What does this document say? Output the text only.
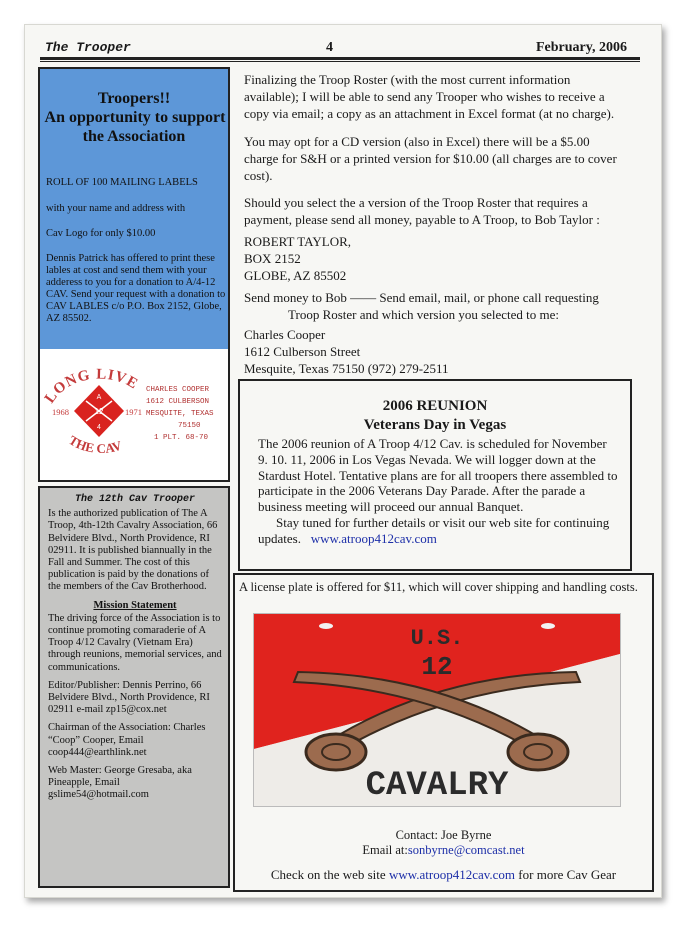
The Trooper	4	February, 2006
Troopers!!
An opportunity to support
the Association
ROLL OF 100 MAILING LABELS
with your name and address with
Cav Logo for only $10.00
Dennis Patrick has offered to print these lables at cost and send them with your adderess to you for a donation to A/4-12 CAV. Send your request with a donation to CAV LABLES c/o P.O. Box 2152, Globe, AZ 85502.
LONG LIVE
THE CAV
A
12
4
1968	1971
CHARLES COOPER
1612 CULBERSON
MESQUITE, TEXAS
75150
1 PLT. 68-70

The 12th Cav Trooper

Is the authorized publication of The A Troop, 4th-12th Cavalry Association, 66 Belvidere Blvd., North Providence, RI 02911. It is published biannually in the Fall and Summer. The cost of this publication is paid by the donations of the members of the Cav Brotherhood.

Mission Statement

The driving force of the Association is to continue promoting comaraderie of A Troop 4/12 Cavalry (Vietnam Era) through reunions, memorial services, and communications.

Editor/Publisher: Dennis Perrino, 66 Belvidere Blvd., North Providence, RI 02911 e-mail zp15@cox.net

Chairman of the Association: Charles “Coop” Cooper, Email coop444@earthlink.net

Web Master: George Gresaba, aka Pineapple, Email gslime54@hotmail.com

Finalizing the Troop Roster (with the most current information available); I will be able to send any Trooper who wishes to receive a copy via email; a copy as an attachment in Excel format (at no charge).
You may opt for a CD version (also in Excel) there will be a $5.00 charge for S&H or a printed version for $10.00 (all charges are to cover cost).
Should you select the a version of the Troop Roster that requires a payment, please send all money, payable to A Troop, to Bob Taylor :
ROBERT TAYLOR,
BOX 2152
GLOBE, AZ 85502
Send money to Bob —— Send email, mail, or phone call requesting
Troop Roster and which version you selected to me:
Charles Cooper
1612 Culberson Street
Mesquite, Texas 75150 (972) 279-2511
2006 REUNION
Veterans Day in Vegas
The 2006 reunion of A Troop 4/12 Cav. is scheduled for November 9. 10. 11, 2006 in Los Vegas Nevada. We will logger down at the Stardust Hotel. Tentative plans are for all troopers there assembled to participate in the 2006 Veterans Day Parade. After the parade a business meeting will proceed our annual Banquet.
Stay tuned for further details or visit our web site for continuing updates. www.atroop412cav.com
A license plate is offered for $11, which will cover shipping and handling costs.
U.S.
12
CAVALRY
Contact: Joe Byrne
Email at:sonbyrne@comcast.net
Check on the web site www.atroop412cav.com for more Cav Gear
